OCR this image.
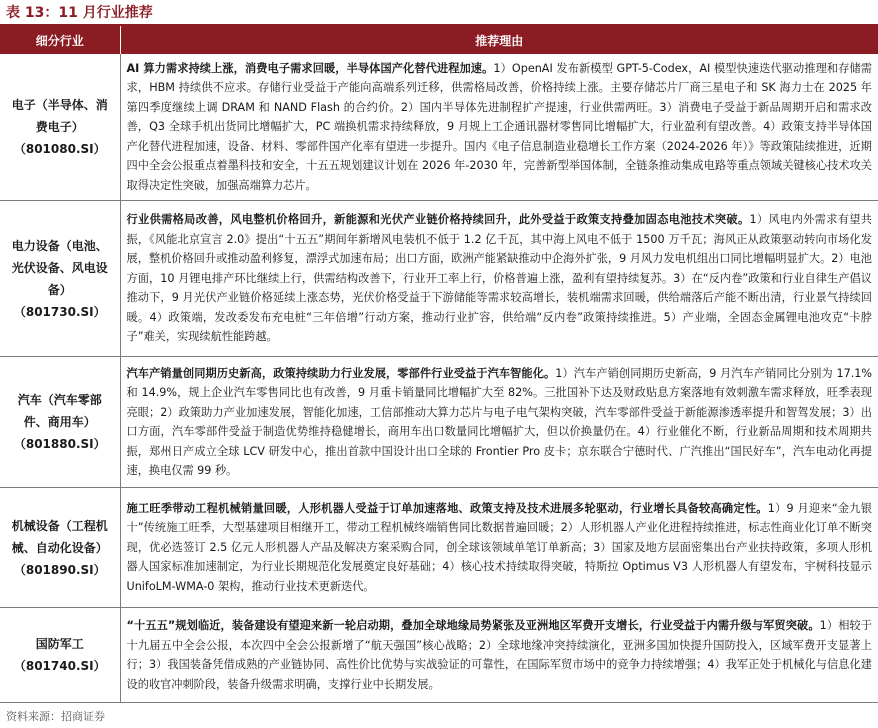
表 13：11 月行业推荐
细分行业	推荐理由

电子（半导体、消费电子）
（801080.SI）	AI 算力需求持续上涨，消费电子需求回暖，半导体国产化替代进程加速。1）OpenAI 发布新模型 GPT-5-Codex，AI 模型快速迭代驱动推理和存储需求，HBM 持续供不应求。存储行业受益于产能向高端系列迁移，供需格局改善，价格持续上涨。主要存储芯片厂商三星电子和 SK 海力士在 2025 年第四季度继续上调 DRAM 和 NAND Flash 的合约价。2）国内半导体先进制程扩产提速，行业供需两旺。3）消费电子受益于新品周期开启和需求改善，Q3 全球手机出货同比增幅扩大，PC 端换机需求持续释放，9 月规上工企通讯器材零售同比增幅扩大，行业盈利有望改善。4）政策支持半导体国产化替代进程加速，设备、材料、零部件国产化率有望进一步提升。国内《电子信息制造业稳增长工作方案（2024-2026 年）》等政策陆续推进，近期四中全会公报重点着墨科技和安全，十五五规划建议计划在 2026 年-2030 年，完善新型举国体制，全链条推动集成电路等重点领域关键核心技术攻关取得决定性突破，加强高端算力芯片。

电力设备（电池、光伏设备、风电设备）
（801730.SI）	行业供需格局改善，风电整机价格回升，新能源和光伏产业链价格持续回升，此外受益于政策支持叠加固态电池技术突破。1）风电内外需求有望共振，《风能北京宣言 2.0》提出“十五五”期间年新增风电装机不低于 1.2 亿千瓦，其中海上风电不低于 1500 万千瓦；海风正从政策驱动转向市场化发展，整机价格回升或推动盈利修复，漂浮式加速布局；出口方面，欧洲产能紧缺推动中企海外扩张，9 月风力发电机组出口同比增幅明显扩大。2）电池方面，10 月锂电排产环比继续上行，供需结构改善下，行业开工率上行，价格普遍上涨，盈利有望持续复苏。3）在“反内卷”政策和行业自律生产倡议推动下，9 月光伏产业链价格延续上涨态势，光伏价格受益于下游储能等需求较高增长，装机端需求回暖，供给端落后产能不断出清，行业景气持续回暖。4）政策端，发改委发布充电桩“三年倍增”行动方案，推动行业扩容，供给端“反内卷”政策持续推进。5）产业端，全固态金属锂电池攻克“卡脖子”难关，实现续航性能跨越。

汽车（汽车零部件、商用车）
（801880.SI）	汽车产销量创同期历史新高，政策持续助力行业发展，零部件行业受益于汽车智能化。1）汽车产销创同期历史新高，9 月汽车产销同比分别为 17.1%和 14.9%，规上企业汽车零售同比也有改善，9 月重卡销量同比增幅扩大至 82%。三批国补下达及财政贴息方案落地有效刺激车需求释放，旺季表现亮眼；2）政策助力产业加速发展，智能化加速，工信部推动大算力芯片与电子电气架构突破，汽车零部件受益于新能源渗透率提升和智驾发展；3）出口方面，汽车零部件受益于制造优势维持稳健增长，商用车出口数量同比增幅扩大，但以价换量仍在。4）行业催化不断，行业新品周期和技术周期共振，郑州日产成立全球 LCV 研发中心，推出首款中国设计出口全球的 Frontier Pro 皮卡；京东联合宁德时代、广汽推出“国民好车”，汽车电动化再提速，换电仅需 99 秒。

机械设备（工程机械、自动化设备）
（801890.SI）	施工旺季带动工程机械销量回暖，人形机器人受益于订单加速落地、政策支持及技术进展多轮驱动，行业增长具备较高确定性。1）9 月迎来“金九银十”传统施工旺季，大型基建项目相继开工，带动工程机械终端销售同比数据普遍回暖；2）人形机器人产业化进程持续推进，标志性商业化订单不断突现，优必选签订 2.5 亿元人形机器人产品及解决方案采购合同，创全球该领域单笔订单新高；3）国家及地方层面密集出台产业扶持政策，多项人形机器人国家标准加速制定，为行业长期规范化发展奠定良好基础；4）核心技术持续取得突破，特斯拉 Optimus V3 人形机器人有望发布，宇树科技显示 UnifoLM-WMA-0 架构，推动行业技术更新迭代。

国防军工
（801740.SI）	“十五五”规划临近，装备建设有望迎来新一轮启动期，叠加全球地缘局势紧张及亚洲地区军费开支增长，行业受益于内需升级与军贸突破。1）相较于十九届五中全会公报，本次四中全会公报新增了“航天强国”核心战略；2）全球地缘冲突持续演化，亚洲多国加快提升国防投入，区域军费开支显著上行；3）我国装备凭借成熟的产业链协同、高性价比优势与实战验证的可靠性，在国际军贸市场中的竞争力持续增强；4）我军正处于机械化与信息化建设的收官冲刺阶段，装备升级需求明确，支撑行业中长期发展。
资料来源：招商证券
